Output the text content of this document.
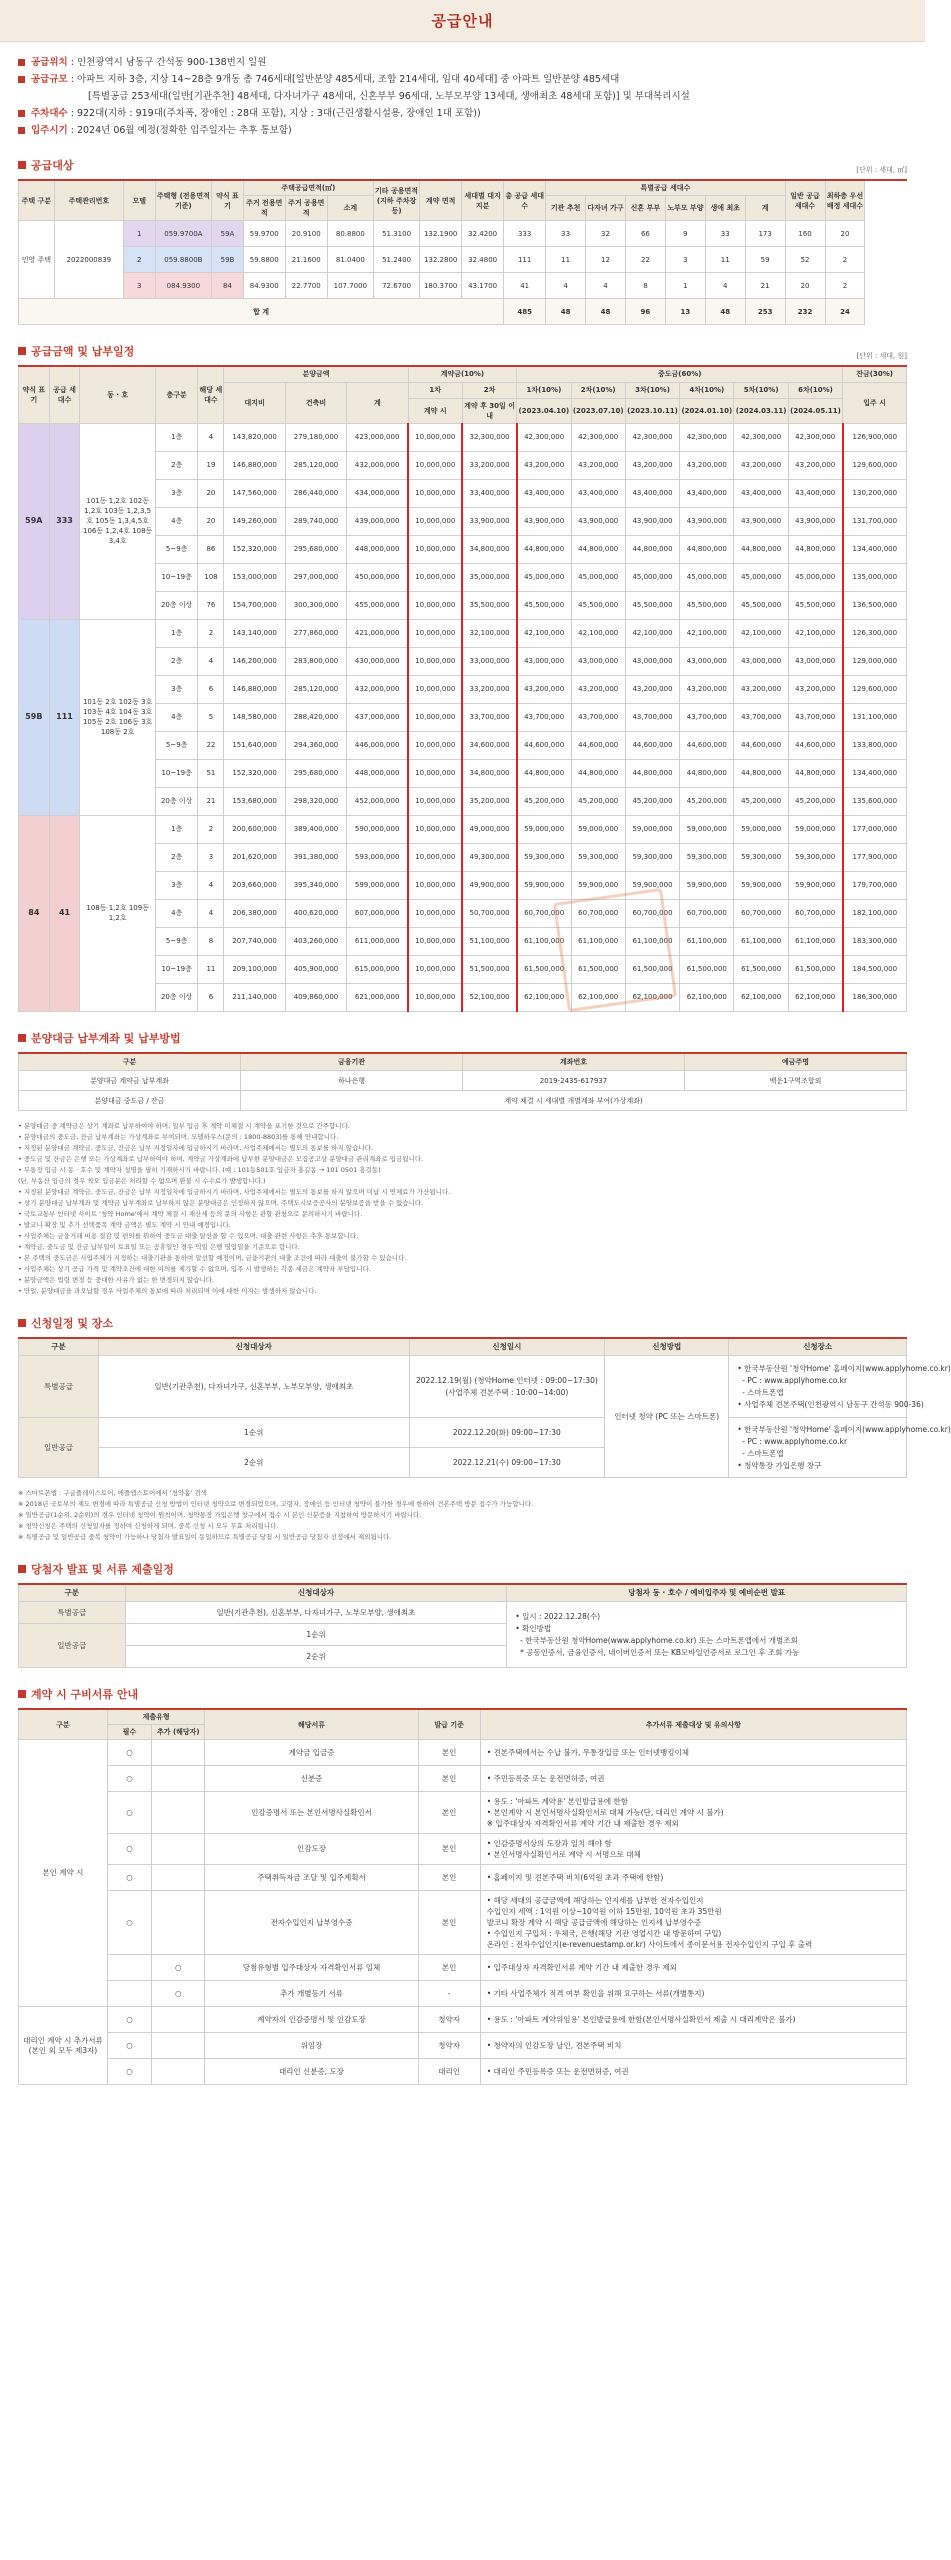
공급안내
공급위치 : 인천광역시 남동구 간석동 900-138번지 일원
공급규모 : 아파트 지하 3층, 지상 14~28층 9개동 총 746세대[일반분양 485세대, 조합 214세대, 임대 40세대] 중 아파트 일반분양 485세대
[특별공급 253세대(일반[기관추천] 48세대, 다자녀가구 48세대, 신혼부부 96세대, 노부모부양 13세대, 생애최초 48세대 포함)] 및 부대복리시설
주차대수 : 922대(지하 : 919대(주차폭, 장애인 : 28대 포함), 지상 : 3대(근린생활시설용, 장애인 1대 포함))
입주시기 : 2024년 06월 예정(정확한 입주일자는 추후 통보함)
공급대상	[단위 : 세대, ㎡]
주택 구분	주택관리번호	모델	주택형 (전용면적 기준)	약식 표기	주택공급면적(㎡)			기타 공용면적 (지하 주차장 등)	계약 면적	세대별 대지지분	총 공급 세대수	특별공급 세대수						일반 공급 세대수	최하층 우선 배정 세대수
					주거 전용면적	주거 공용면적	소계					기관 추천	다자녀 가구	신혼 부부	노부모 부양	생애 최초	계		
민영 주택	2022000839	1	059.9700A	59A	59.9700	20.9100	80.8800	51.3100	132.1900	32.4200	333	33	32	66	9	33	173	160	20
		2	059.8800B	59B	59.8800	21.1600	81.0400	51.2400	132.2800	32.4800	111	11	12	22	3	11	59	52	2
		3	084.9300	84	84.9300	22.7700	107.7000	72.6700	180.3700	43.1700	41	4	4	8	1	4	21	20	2
합 계											485	48	48	96	13	48	253	232	24
공급금액 및 납부일정	[단위 : 세대, 원]
약식 표기	공급 세대수	동 · 호	층구분	해당 세대수	분양금액			계약금(10%)		중도금(60%)						잔금(30%)
					대지비	건축비	계	1차	2차	1차(10%)	2차(10%)	3차(10%)	4차(10%)	5차(10%)	6차(10%)	입주 시
								계약 시	계약 후 30일 이내	(2023.04.10)	(2023.07.10)	(2023.10.11)	(2024.01.10)	(2024.03.11)	(2024.05.11)	
59A	333	101동 1,2호 102동 1,2호 103동 1,2,3,5호 105동 1,3,4,5호 106동 1,2,4호 108동 3,4호	1층	4	143,820,000	279,180,000	423,000,000	10,000,000	32,300,000	42,300,000	42,300,000	42,300,000	42,300,000	42,300,000	42,300,000	126,900,000
			2층	19	146,880,000	285,120,000	432,000,000	10,000,000	33,200,000	43,200,000	43,200,000	43,200,000	43,200,000	43,200,000	43,200,000	129,600,000
			3층	20	147,560,000	286,440,000	434,000,000	10,000,000	33,400,000	43,400,000	43,400,000	43,400,000	43,400,000	43,400,000	43,400,000	130,200,000
			4층	20	149,260,000	289,740,000	439,000,000	10,000,000	33,900,000	43,900,000	43,900,000	43,900,000	43,900,000	43,900,000	43,900,000	131,700,000
			5~9층	86	152,320,000	295,680,000	448,000,000	10,000,000	34,800,000	44,800,000	44,800,000	44,800,000	44,800,000	44,800,000	44,800,000	134,400,000
			10~19층	108	153,000,000	297,000,000	450,000,000	10,000,000	35,000,000	45,000,000	45,000,000	45,000,000	45,000,000	45,000,000	45,000,000	135,000,000
			20층 이상	76	154,700,000	300,300,000	455,000,000	10,000,000	35,500,000	45,500,000	45,500,000	45,500,000	45,500,000	45,500,000	45,500,000	136,500,000
59B	111	101동 2호 102동 3호 103동 4호 104동 3호 105동 2호 106동 3호 108동 2호	1층	2	143,140,000	277,860,000	421,000,000	10,000,000	32,100,000	42,100,000	42,100,000	42,100,000	42,100,000	42,100,000	42,100,000	126,300,000
			2층	4	146,200,000	283,800,000	430,000,000	10,000,000	33,000,000	43,000,000	43,000,000	43,000,000	43,000,000	43,000,000	43,000,000	129,000,000
			3층	6	146,880,000	285,120,000	432,000,000	10,000,000	33,200,000	43,200,000	43,200,000	43,200,000	43,200,000	43,200,000	43,200,000	129,600,000
			4층	5	148,580,000	288,420,000	437,000,000	10,000,000	33,700,000	43,700,000	43,700,000	43,700,000	43,700,000	43,700,000	43,700,000	131,100,000
			5~9층	22	151,640,000	294,360,000	446,000,000	10,000,000	34,600,000	44,600,000	44,600,000	44,600,000	44,600,000	44,600,000	44,600,000	133,800,000
			10~19층	51	152,320,000	295,680,000	448,000,000	10,000,000	34,800,000	44,800,000	44,800,000	44,800,000	44,800,000	44,800,000	44,800,000	134,400,000
			20층 이상	21	153,680,000	298,320,000	452,000,000	10,000,000	35,200,000	45,200,000	45,200,000	45,200,000	45,200,000	45,200,000	45,200,000	135,600,000
84	41	108동 1,2호 109동 1,2호	1층	2	200,600,000	389,400,000	590,000,000	10,000,000	49,000,000	59,000,000	59,000,000	59,000,000	59,000,000	59,000,000	59,000,000	177,000,000
			2층	3	201,620,000	391,380,000	593,000,000	10,000,000	49,300,000	59,300,000	59,300,000	59,300,000	59,300,000	59,300,000	59,300,000	177,900,000
			3층	4	203,660,000	395,340,000	599,000,000	10,000,000	49,900,000	59,900,000	59,900,000	59,900,000	59,900,000	59,900,000	59,900,000	179,700,000
			4층	4	206,380,000	400,620,000	607,000,000	10,000,000	50,700,000	60,700,000	60,700,000	60,700,000	60,700,000	60,700,000	60,700,000	182,100,000
			5~9층	8	207,740,000	403,260,000	611,000,000	10,000,000	51,100,000	61,100,000	61,100,000	61,100,000	61,100,000	61,100,000	61,100,000	183,300,000
			10~19층	11	209,100,000	405,900,000	615,000,000	10,000,000	51,500,000	61,500,000	61,500,000	61,500,000	61,500,000	61,500,000	61,500,000	184,500,000
			20층 이상	6	211,140,000	409,860,000	621,000,000	10,000,000	52,100,000	62,100,000	62,100,000	62,100,000	62,100,000	62,100,000	62,100,000	186,300,000
분양대금 납부계좌 및 납부방법
구분	금융기관	계좌번호	예금주명
분양대금 계약금 납부계좌	하나은행	2019-2435-617937	백운1구역조합외
분양대금 중도금 / 잔금	계약 체결 시 세대별 개별계좌 부여(가상계좌)		

• 분양대금 중 계약금은 상기 계좌로 납부하여야 하며, 일부 입금 후 계약 미체결 시 계약을 포기한 것으로 간주합니다.

• 분양대금의 중도금, 잔금 납부계좌는 가상계좌로 부여되며, 모델하우스(문의 : 1800-8803)를 통해 안내합니다.

• 지정된 분양대금 계약금, 중도금, 잔금은 납부 지정일자에 입금하시기 바라며, 사업주체에서는 별도의 통보를 하지 않습니다.

• 중도금 및 잔금은 은행 또는 가상계좌로 납부하여야 하며, 계약금 가상계좌에 납부한 분양대금은 모집공고상 분양대금 관리계좌로 입금됩니다.

• 무통장 입금 시 동 · 호수 및 계약자 성명을 필히 기재하시기 바랍니다. (예 : 101동501호 입금자 홍길동 → 101 0501 홍길동)

(단, 부동산 입금의 경우 착오 입금분은 처리할 수 없으며 환불 시 수수료가 발생합니다.)

• 지정된 분양대금 계약금, 중도금, 잔금은 납부 지정일자에 입금하시기 바라며, 사업주체에서는 별도의 통보를 하지 않으며 미납 시 연체료가 가산됩니다.

• 상기 분양대금 납부계좌 및 계약금 납부계좌로 납부하지 않은 분양대금은 인정하지 않으며, 주택도시보증공사의 분양보증을 받을 수 없습니다.

• 국토교통부 인터넷 사이트 '청약 Home'에서 계약 체결 시 재산세 등의 문의 사항은 관할 관청으로 문의하시기 바랍니다.

• 발코니 확장 및 추가 선택품목 계약 금액은 별도 계약 시 안내 예정입니다.

• 사업주체는 금융거래 비용 절감 및 편의를 위하여 중도금 대출 알선을 할 수 있으며, 대출 관련 사항은 추후 통보합니다.

• 계약금, 중도금 및 잔금 납부일이 토요일 또는 공휴일인 경우 익일 은행 영업일을 기준으로 합니다.

• 본 주택의 중도금은 사업주체가 지정하는 대출기관을 통하여 알선할 예정이며, 금융기관의 대출 조건에 따라 대출이 불가할 수 있습니다.

• 사업주체는 상기 공급 가격 및 계약조건에 대한 이의를 제기할 수 없으며, 입주 시 발생하는 각종 세금은 계약자 부담입니다.

• 분양금액은 법령 변경 등 중대한 사유가 없는 한 변경되지 않습니다.

• 만일, 분양대금을 과오납할 경우 사업주체의 통보에 따라 처리되며 이에 대한 이자는 발생하지 않습니다.

신청일정 및 장소
구분	신청대상자	신청일시	신청방법	신청장소
특별공급	일반(기관추천), 다자녀가구, 신혼부부, 노부모부양, 생애최초	2022.12.19(월) (청약Home 인터넷 : 09:00~17:30) (사업주체 견본주택 : 10:00~14:00)	인터넷 청약 (PC 또는 스마트폰)	• 한국부동산원 '청약Home' 홈페이지(www.applyhome.co.kr)
- PC : www.applyhome.co.kr
- 스마트폰앱
• 사업주체 견본주택(인천광역시 남동구 간석동 900-36)

일반공급	1순위	2022.12.20(화) 09:00~17:30		• 한국부동산원 '청약Home' 홈페이지(www.applyhome.co.kr)
- PC : www.applyhome.co.kr
- 스마트폰앱
• 청약통장 가입은행 창구

	2순위	2022.12.21(수) 09:00~17:30		

※ 스마트폰앱 : 구글플레이스토어, 애플앱스토어에서 '청약홈' 검색

※ 2018년 국토부의 제도 변경에 따라 특별공급 신청 방법이 인터넷 청약으로 변경되었으며, 고령자, 장애인 등 인터넷 청약이 불가한 경우에 한하여 견본주택 방문 접수가 가능합니다.

※ 일반공급(1순위, 2순위)의 경우 인터넷 청약이 원칙이며, 청약통장 가입은행 창구에서 접수 시 본인 신분증을 지참하여 방문하시기 바랍니다.

※ 청약신청은 주택의 신청일자를 정하여 신청하게 되며, 중복 신청 시 모두 무효 처리됩니다.

※ 특별공급 및 일반공급 중복 청약이 가능하나 당첨자 발표일이 동일하므로 특별공급 당첨 시 일반공급 당첨자 선정에서 제외됩니다.

당첨자 발표 및 서류 제출일정
구분	신청대상자	당첨자 동 · 호수 / 예비입주자 및 예비순번 발표
특별공급	일반(기관추천), 신혼부부, 다자녀가구, 노부모부양, 생애최초	• 일시 : 2022.12.28(수)
• 확인방법
- 한국부동산원 청약Home(www.applyhome.co.kr) 또는 스마트폰앱에서 개별조회
* 공동인증서, 금융인증서, 네이버인증서 또는 KB모바일인증서로 로그인 후 조회 가능

일반공급	1순위	
	2순위	
계약 시 구비서류 안내
구분	제출유형		해당서류	발급 기준	추가서류 제출대상 및 유의사항
	필수	추가 (해당자)			
본인 계약 시	○		계약금 입금증	본인	• 견본주택에서는 수납 불가, 무통장입금 또는 인터넷뱅킹이체
	○		신분증	본인	• 주민등록증 또는 운전면허증, 여권
	○		인감증명서 또는 본인서명사실확인서	본인	• 용도 : '아파트 계약용' 본인발급용에 한함
• 본인계약 시 본인서명사실확인서로 대체 가능(단, 대리인 계약 시 불가)
※ 입주대상자 자격확인서류 계약 기간 내 제출한 경우 제외
	○		인감도장	본인	• 인감증명서상의 도장과 일치 해야 함
• 본인서명사실확인서로 계약 시 서명으로 대체
	○		주택취득자금 조달 및 입주계획서	본인	• 홈페이지 및 견본주택 비치(6억원 초과 주택에 한함)
	○		전자수입인지 납부영수증	본인	• 해당 세대의 공급금액에 해당하는 인지세를 납부한 전자수입인지
수입인지 세액 : 1억원 이상~10억원 이하 15만원, 10억원 초과 35만원
발코니 확장 계약 시 해당 공급금액에 해당하는 인지세 납부영수증
• 수입인지 구입처 : 우체국, 은행(해당 기관 영업시간 내 방문하여 구입)
온라인 : 전자수입인지(e-revenuestamp.or.kr) 사이트에서 종이문서용 전자수입인지 구입 후 출력
		○	당첨유형별 입주대상자 자격확인서류 일체	본인	• 입주대상자 자격확인서류 계약 기간 내 제출한 경우 제외
		○	추가 개별등기 서류	-	• 기타 사업주체가 적격 여부 확인을 위해 요구하는 서류(개별통지)
대리인 계약 시 추가서류 (본인 외 모두 제3자)	○		계약자의 인감증명서 및 인감도장	청약자	• 용도 : '아파트 계약위임용' 본인발급용에 한함(본인서명사실확인서 제출 시 대리계약은 불가)
	○		위임장	청약자	• 청약자의 인감도장 날인, 견본주택 비치
	○		대리인 신분증, 도장	대리인	• 대리인 주민등록증 또는 운전면허증, 여권
